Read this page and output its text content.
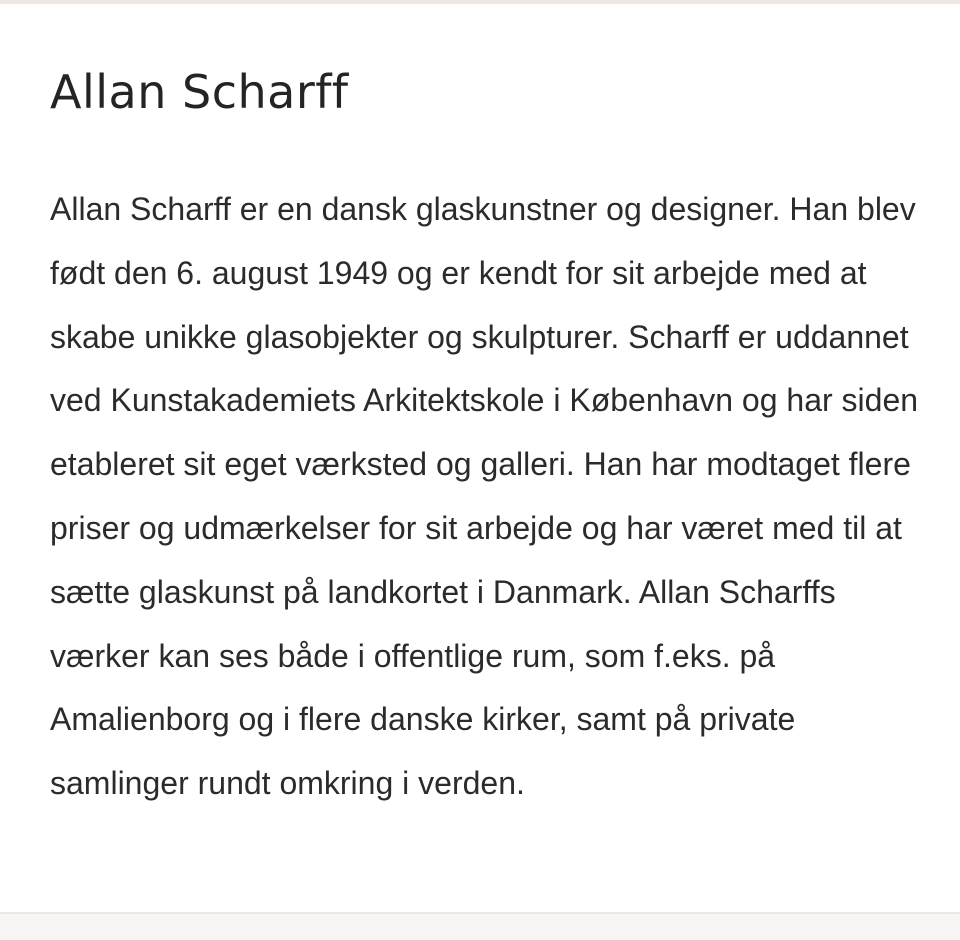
Allan Scharff

Allan Scharff er en dansk glaskunstner og designer. Han blev født den 6. august 1949 og er kendt for sit arbejde med at skabe unikke glasobjekter og skulpturer. Scharff er uddannet ved Kunstakademiets Arkitektskole i København og har siden etableret sit eget værksted og galleri. Han har modtaget flere priser og udmærkelser for sit arbejde og har været med til at sætte glaskunst på landkortet i Danmark. Allan Scharffs værker kan ses både i offentlige rum, som f.eks. på Amalienborg og i flere danske kirker, samt på private samlinger rundt omkring i verden.
